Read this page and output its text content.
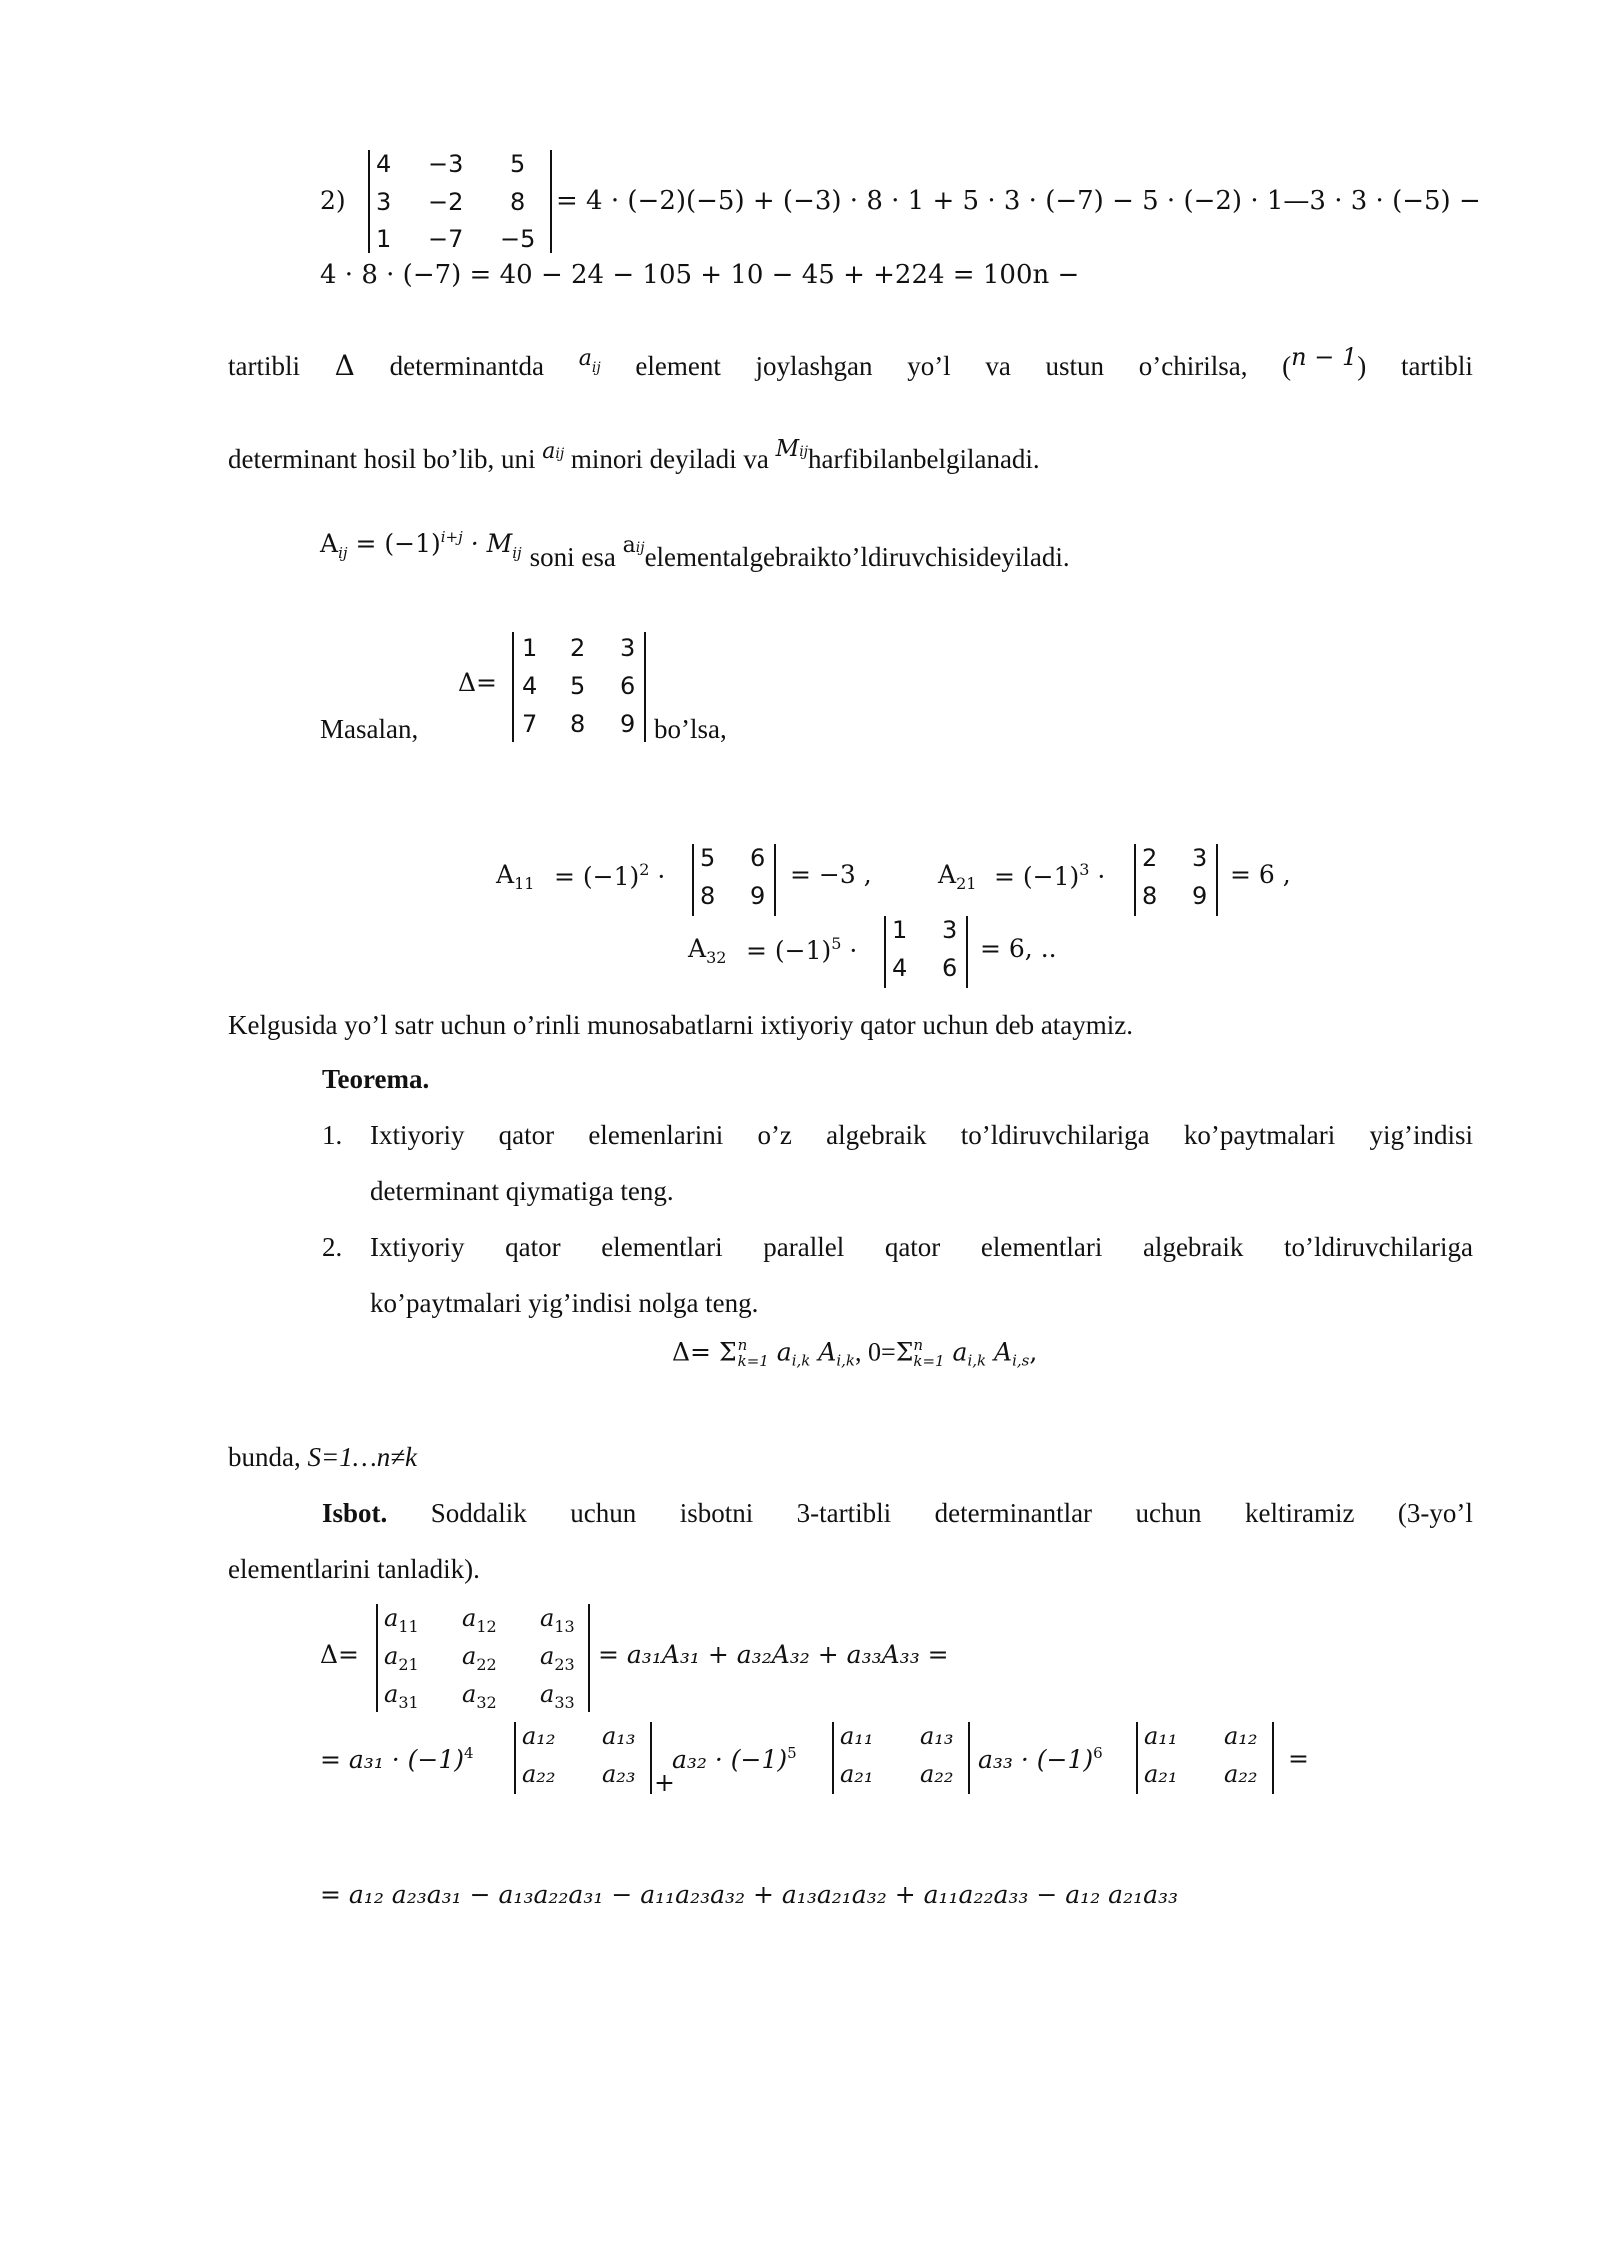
2)
4 −3 5
3 −2 8
1 −7 −5
= 4 · (−2)(−5) + (−3) · 8 · 1 + 5 · 3 · (−7) − 5 · (−2) · 1—3 · 3 · (−5) −
4 · 8 · (−7) = 40 − 24 − 105 + 10 − 45 + +224 = 100n −
tartibli Δ determinantda $a_{ij}$ element joylashgan yo’l va ustun o’chirilsa, (n − 1) tartibli
determinant hosil bo’lib, uni $^{aij}$ minori deyiladi va Mijharfibilanbelgilanadi.
$A_{ij} = (-1)^{i+j} \cdot M_{ij}$ soni esa $^{aij}$elementalgebraikto’ldiruvchisideyiladi.
Masalan,
Δ=
1 2 3
4 5 6
7 8 9 bo’lsa,
$A_{11} = (-1)^2$ ·
5 6
8 9
= −3 ,	$A_{21} = (-1)^3$ ·
2 3
8 9
= 6 ,
$A_{32} = (-1)^5$ ·
1 3
4 6
= 6, ..
Kelgusida yo’l satr uchun o’rinli munosabatlarni ixtiyoriy qator uchun deb ataymiz.
Teorema.
1. Ixtiyoriy qator elemenlarini o’z algebraik to’ldiruvchilariga ko’paytmalari yig’indisi
determinant qiymatiga teng.
2. Ixtiyoriy qator elementlari parallel qator elementlari algebraik to’ldiruvchilariga
ko’paytmalari yig’indisi nolga teng.
Δ= Σ n
k=1 $a_{i,k}$ $A_{i,k}$, 0=Σ n
k=1 $a_{i,k}$ $A_{i,s}$,
bunda, S=1…n≠k
Isbot. Soddalik uchun isbotni 3-tartibli determinantlar uchun keltiramiz (3-yo’l
elementlarini tanladik).
Δ=
$a_{11}$ $a_{12}$ $a_{13}$
$a_{21}$ $a_{22}$ $a_{23}$
$a_{31}$ $a_{32}$ $a_{33}$
= a₃₁A₃₁ + a₃₂A₃₂ + a₃₃A₃₃ =
= $a_{31} \cdot (-1)^4$
a₁₂ a₁₃
a₂₂ a₂₃ +
$a_{32} \cdot (-1)^5$
a₁₁ a₁₃
a₂₁ a₂₂ $a_{33} \cdot (-1)^6$
a₁₁ a₁₂
a₂₁ a₂₂
=
= a₁₂ a₂₃a₃₁ − a₁₃a₂₂a₃₁ − a₁₁a₂₃a₃₂ + a₁₃a₂₁a₃₂ + a₁₁a₂₂a₃₃ − a₁₂ a₂₁a₃₃
